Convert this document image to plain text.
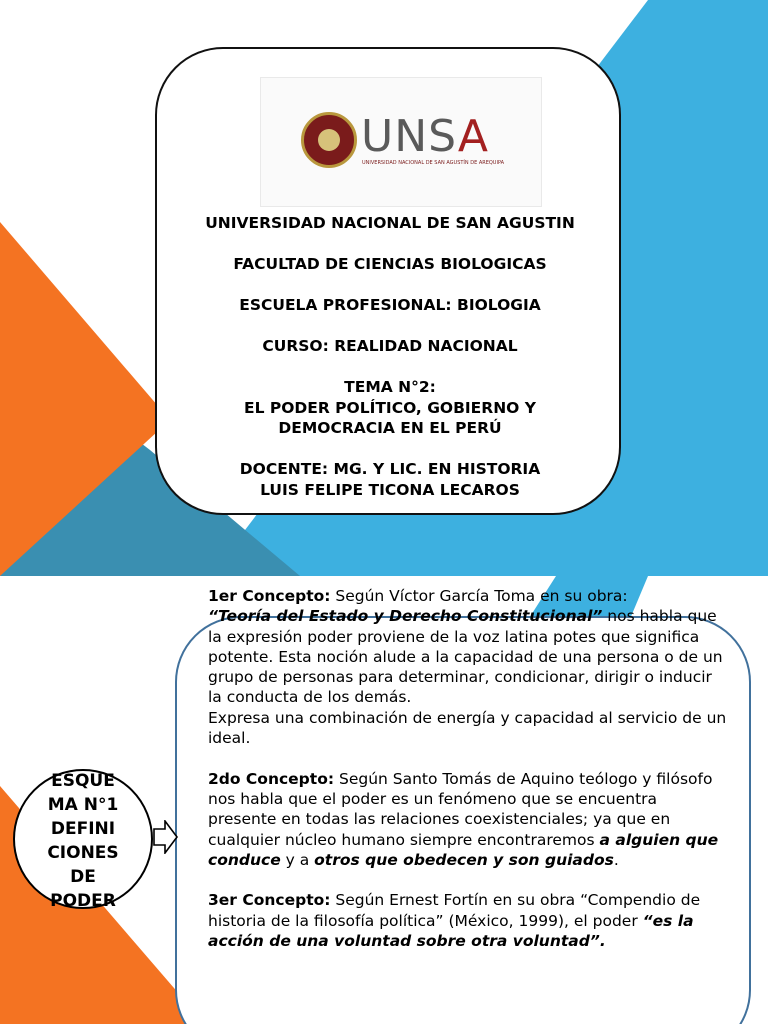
UNSA
UNIVERSIDAD NACIONAL DE SAN AGUSTÍN DE AREQUIPA

UNIVERSIDAD NACIONAL DE SAN AGUSTIN

FACULTAD DE CIENCIAS BIOLOGICAS

ESCUELA PROFESIONAL: BIOLOGIA

CURSO: REALIDAD NACIONAL

TEMA N°2:
EL PODER POLÍTICO, GOBIERNO Y
DEMOCRACIA EN EL PERÚ

DOCENTE: MG. Y LIC. EN HISTORIA
LUIS FELIPE TICONA LECAROS

ESQUE
MA N°1
DEFINI
CIONES
DE
PODER

1er Concepto: Según Víctor García Toma en su obra:
“Teoría del Estado y Derecho Constitucional” nos habla que la expresión poder proviene de la voz latina potes que significa potente. Esta noción alude a la capacidad de una persona o de un grupo de personas para determinar, condicionar, dirigir o inducir la conducta de los demás.
Expresa una combinación de energía y capacidad al servicio de un ideal.

2do Concepto: Según Santo Tomás de Aquino teólogo y filósofo nos habla que el poder es un fenómeno que se encuentra presente en todas las relaciones coexistenciales; ya que en cualquier núcleo humano siempre encontraremos a alguien que conduce y a otros que obedecen y son guiados.

3er Concepto: Según Ernest Fortín en su obra “Compendio de historia de la filosofía política” (México, 1999), el poder “es la acción de una voluntad sobre otra voluntad”.
